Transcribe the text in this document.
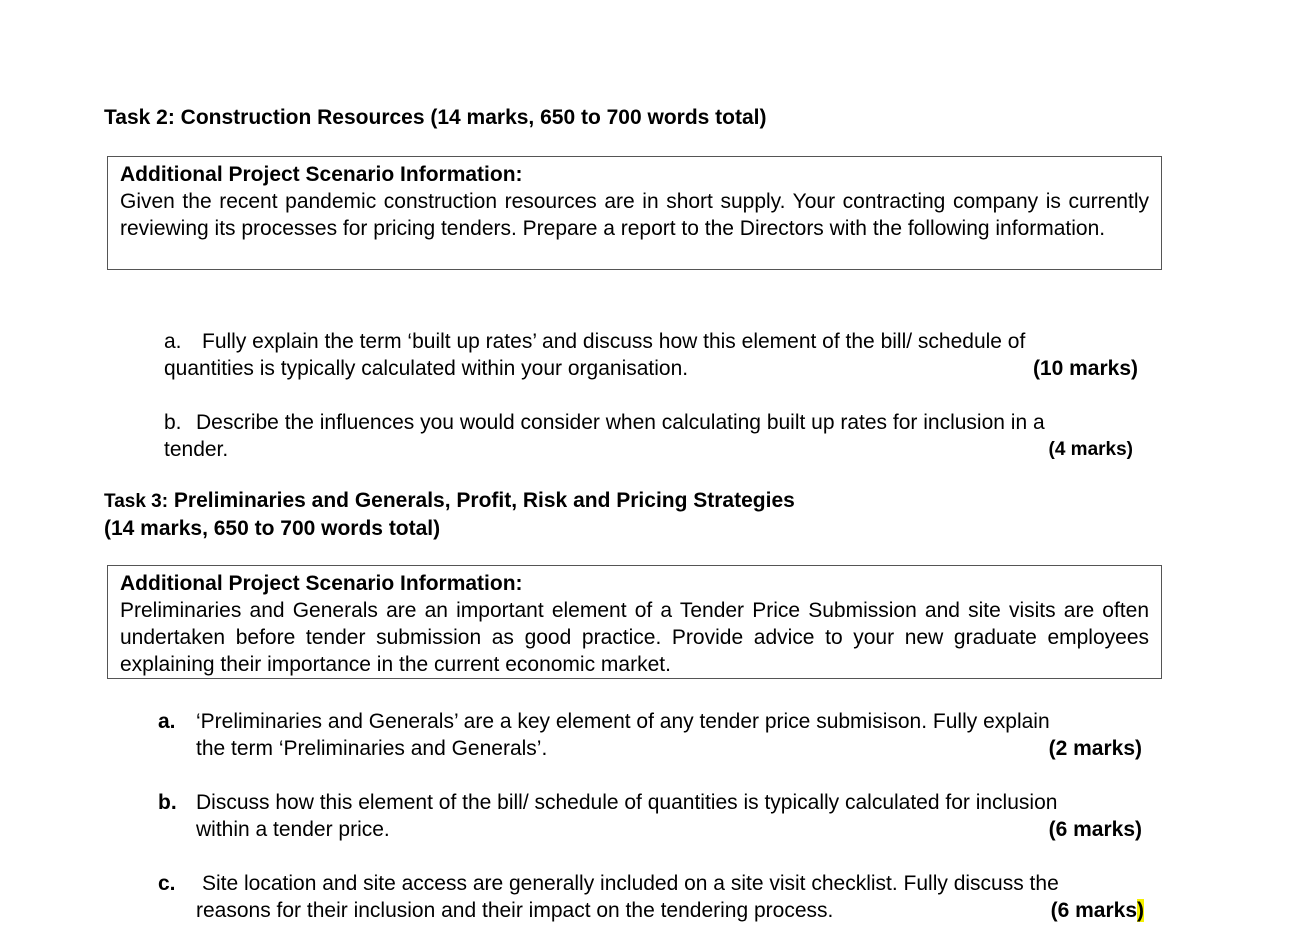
Task 2: Construction Resources (14 marks, 650 to 700 words total)
Additional Project Scenario Information:
Given the recent pandemic construction resources are in short supply. Your contracting company is currently reviewing its processes for pricing tenders. Prepare a report to the Directors with the following information.
a. Fully explain the term ‘built up rates’ and discuss how this element of the bill/ schedule of
quantities is typically calculated within your organisation.	(10 marks)
b. Describe the influences you would consider when calculating built up rates for inclusion in a
tender.	(4 marks)
Task 3: Preliminaries and Generals, Profit, Risk and Pricing Strategies
(14 marks, 650 to 700 words total)
Additional Project Scenario Information:
Preliminaries and Generals are an important element of a Tender Price Submission and site visits are often undertaken before tender submission as good practice. Provide advice to your new graduate employees explaining their importance in the current economic market.
a. ‘Preliminaries and Generals’ are a key element of any tender price submisison. Fully explain
the term ‘Preliminaries and Generals’.	(2 marks)
b. Discuss how this element of the bill/ schedule of quantities is typically calculated for inclusion
within a tender price.	(6 marks)
c. Site location and site access are generally included on a site visit checklist. Fully discuss the
reasons for their inclusion and their impact on the tendering process.	(6 marks)
